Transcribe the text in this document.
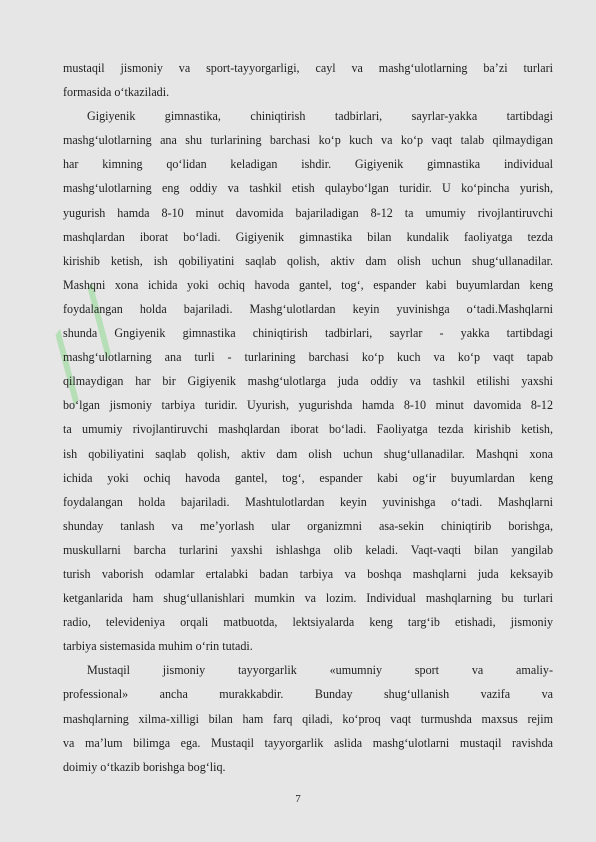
⟋⟋
mustaqil jismoniy va sport-tayyorgarligi, cayl va mashg‘ulotlarning ba’zi turlari
formasida o‘tkaziladi.
Gigiyenik gimnastika, chiniqtirish tadbirlari, sayrlar-yakka tartibdagi
mashg‘ulotlarning ana shu turlarining barchasi ko‘p kuch va ko‘p vaqt talab qilmaydigan
har kimning qo‘lidan keladigan ishdir. Gigiyenik gimnastika individual
mashg‘ulotlarning eng oddiy va tashkil etish qulaybo‘lgan turidir. U ko‘pincha yurish,
yugurish hamda 8-10 minut davomida bajariladigan 8-12 ta umumiy rivojlantiruvchi
mashqlardan iborat bo‘ladi. Gigiyenik gimnastika bilan kundalik faoliyatga tezda
kirishib ketish, ish qobiliyatini saqlab qolish, aktiv dam olish uchun shug‘ullanadilar.
Mashqni xona ichida yoki ochiq havoda gantel, tog‘, espander kabi buyumlardan keng
foydalangan holda bajariladi. Mashg‘ulotlardan keyin yuvinishga o‘tadi.Mashqlarni
shunda Gngiyenik gimnastika chiniqtirish tadbirlari, sayrlar - yakka tartibdagi
mashg‘ulotlarning ana turli - turlarining barchasi ko‘p kuch va ko‘p vaqt tapab
qilmaydigan har bir Gigiyenik mashg‘ulotlarga juda oddiy va tashkil etilishi yaxshi
bo‘lgan jismoniy tarbiya turidir. Uyurish, yugurishda hamda 8-10 minut davomida 8-12
ta umumiy rivojlantiruvchi mashqlardan iborat bo‘ladi. Faoliyatga tezda kirishib ketish,
ish qobiliyatini saqlab qolish, aktiv dam olish uchun shug‘ullanadilar. Mashqni xona
ichida yoki ochiq havoda gantel, tog‘, espander kabi og‘ir buyumlardan keng
foydalangan holda bajariladi. Mashtulotlardan keyin yuvinishga o‘tadi. Mashqlarni
shunday tanlash va me’yorlash ular organizmni asa-sekin chiniqtirib borishga,
muskullarni barcha turlarini yaxshi ishlashga olib keladi. Vaqt-vaqti bilan yangilab
turish vaborish odamlar ertalabki badan tarbiya va boshqa mashqlarni juda keksayib
ketganlarida ham shug‘ullanishlari mumkin va lozim. Individual mashqlarning bu turlari
radio, televideniya orqali matbuotda, lektsiyalarda keng targ‘ib etishadi, jismoniy
tarbiya sistemasida muhim o‘rin tutadi.
Mustaqil jismoniy tayyorgarlik «umumniy sport va amaliy-
professional» ancha murakkabdir. Bunday shug‘ullanish vazifa va
mashqlarning xilma-xilligi bilan ham farq qiladi, ko‘proq vaqt turmushda maxsus rejim
va ma’lum bilimga ega. Mustaqil tayyorgarlik aslida mashg‘ulotlarni mustaqil ravishda
doimiy o‘tkazib borishga bog‘liq.
7
